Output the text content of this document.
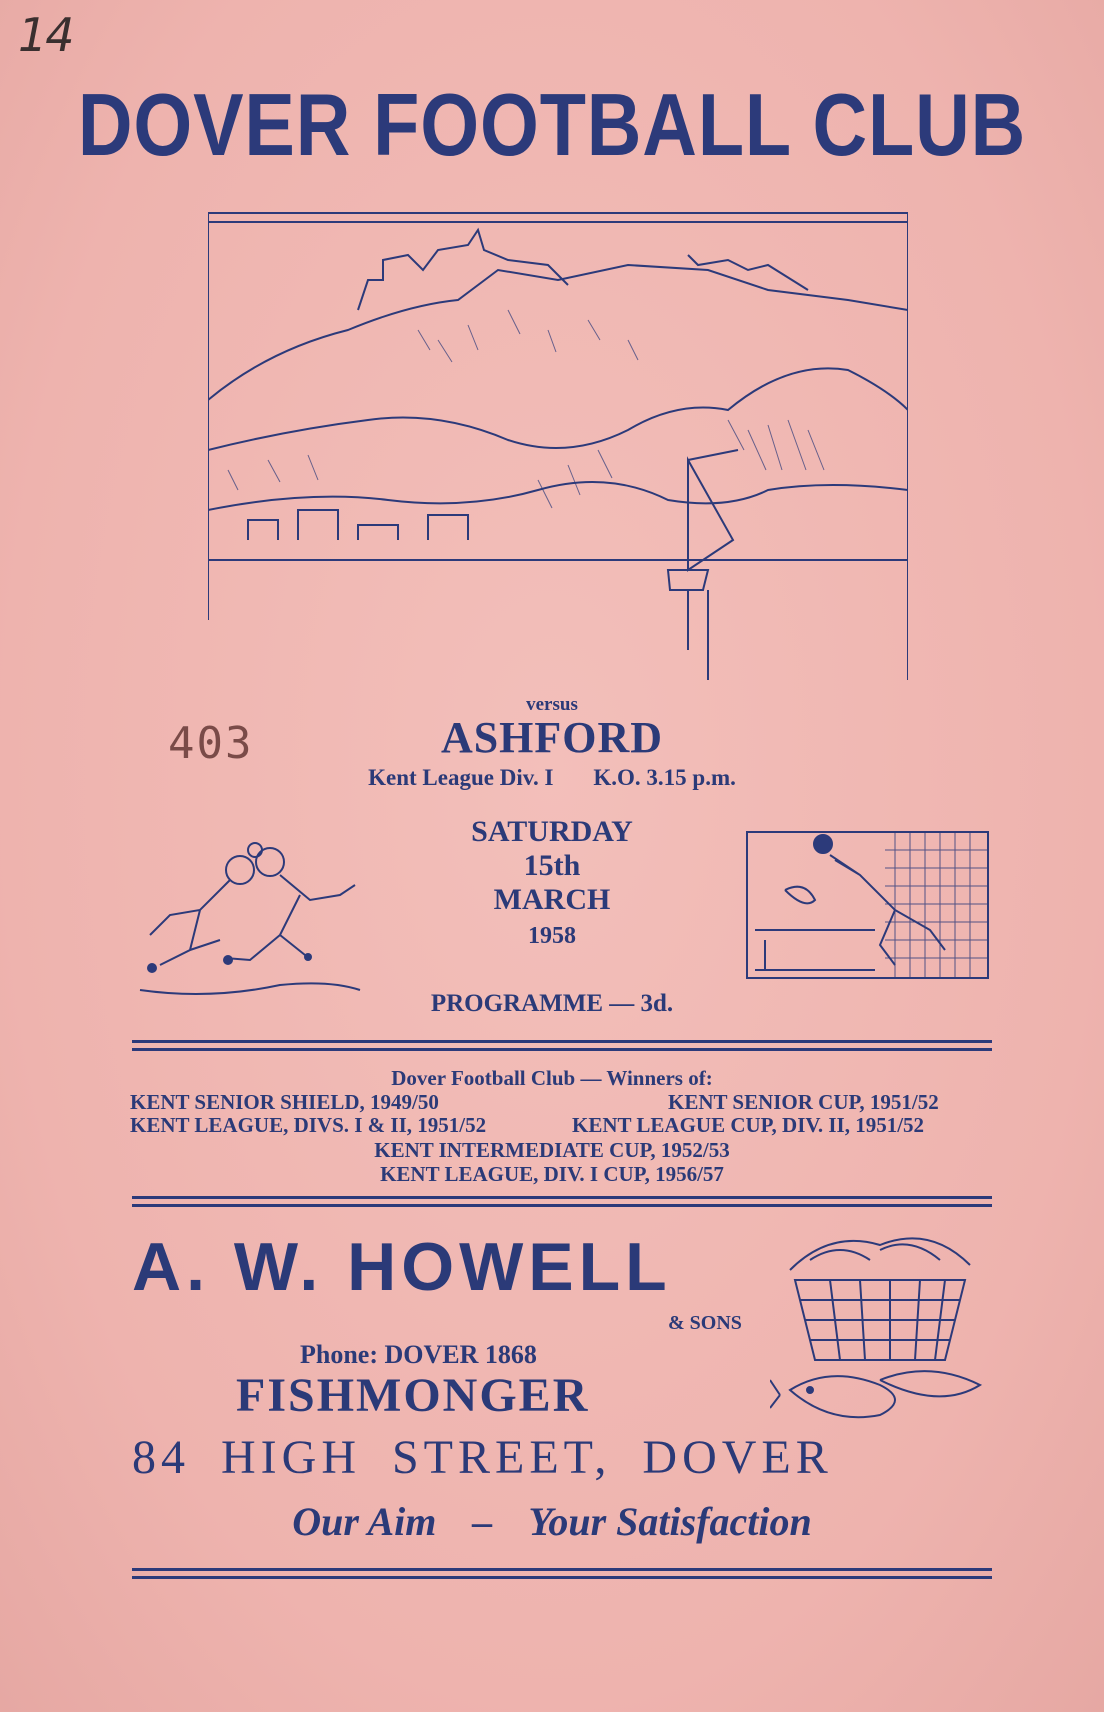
14
DOVER FOOTBALL CLUB
versus
ASHFORD
Kent League Div. I K.O. 3.15 p.m.
403
SATURDAY
15th
MARCH
1958
PROGRAMME — 3d.
Dover Football Club — Winners of:
KENT SENIOR SHIELD, 1949/50	KENT SENIOR CUP, 1951/52
KENT LEAGUE, DIVS. I & II, 1951/52	KENT LEAGUE CUP, DIV. II, 1951/52
KENT INTERMEDIATE CUP, 1952/53
KENT LEAGUE, DIV. I CUP, 1956/57
A. W. HOWELL
& SONS
Phone: DOVER 1868
FISHMONGER
84 HIGH STREET, DOVER
Our Aim – Your Satisfaction
